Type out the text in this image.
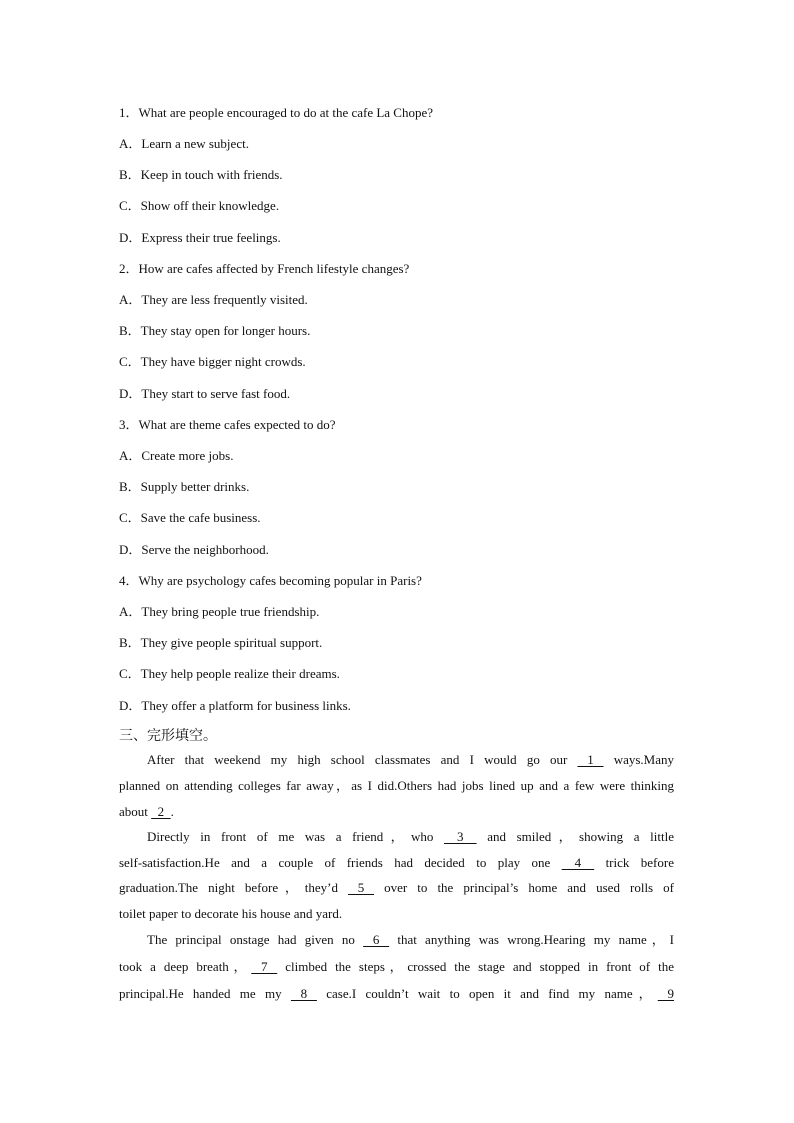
1．What are people encouraged to do at the cafe La Chope?
A．Learn a new subject.
B．Keep in touch with friends.
C．Show off their knowledge.
D．Express their true feelings.
2．How are cafes affected by French lifestyle changes?
A．They are less frequently visited.
B．They stay open for longer hours.
C．They have bigger night crowds.
D．They start to serve fast food.
3．What are theme cafes expected to do?
A．Create more jobs.
B．Supply better drinks.
C．Save the cafe business.
D．Serve the neighborhood.
4．Why are psychology cafes becoming popular in Paris?
A．They bring people true friendship.
B．They give people spiritual support.
C．They help people realize their dreams.
D．They offer a platform for business links.
三、完形填空。
After that weekend my high school classmates and I would go our    1    ways.Many
planned on attending colleges far away，as I did.Others had jobs lined up and a few were thinking
about   2  .
Directly in front of me was a friend，who     3     and smiled，showing a little
self-satisfaction.He and a couple of friends had decided to play one     4     trick before
graduation.The night before，they’d    5    over to the principal’s home and used rolls of
toilet paper to decorate his house and yard.
The principal onstage had given no    6    that anything was wrong.Hearing my name，I
took a deep breath，   7    climbed the steps，crossed the stage and stopped in front of the
principal.He handed me my    8    case.I couldn’t wait to open it and find my name，   9
